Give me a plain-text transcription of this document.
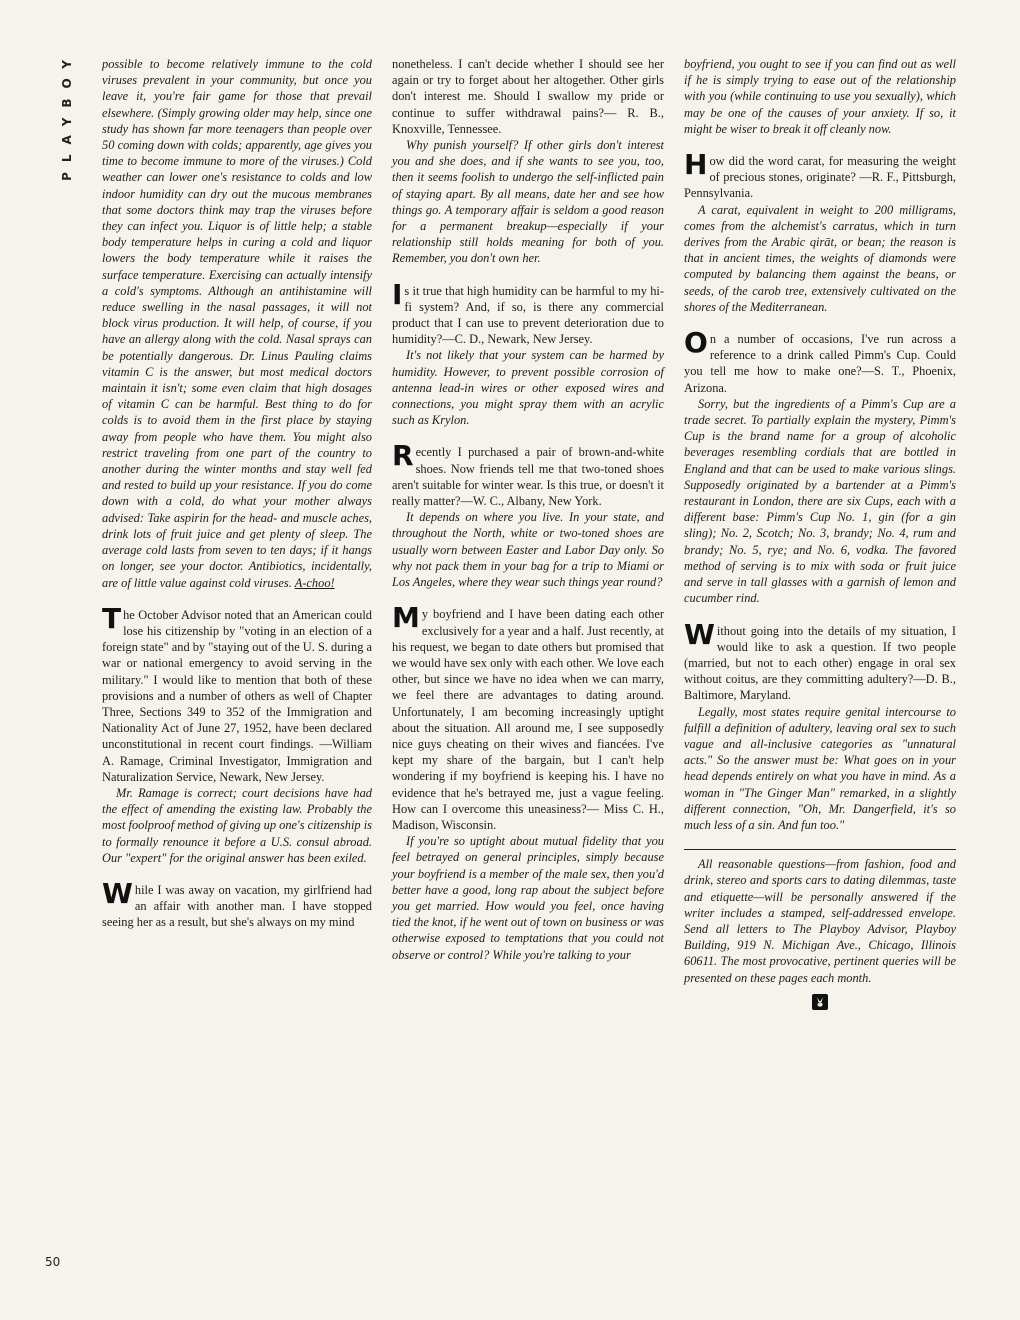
PLAYBOY
50

possible to become relatively immune to the cold viruses prevalent in your community, but once you leave it, you're fair game for those that prevail elsewhere. (Simply growing older may help, since one study has shown far more teenagers than people over 50 coming down with colds; apparently, age gives you time to become immune to more of the viruses.) Cold weather can lower one's resistance to colds and low indoor humidity can dry out the mucous membranes that some doctors think may trap the viruses before they can infect you. Liquor is of little help; a stable body temperature helps in curing a cold and liquor lowers the body temperature while it raises the surface temperature. Exercising can actually intensify a cold's symptoms. Although an antihistamine will reduce swelling in the nasal passages, it will not block virus production. It will help, of course, if you have an allergy along with the cold. Nasal sprays can be potentially dangerous. Dr. Linus Pauling claims vitamin C is the answer, but most medical doctors maintain it isn't; some even claim that high dosages of vitamin C can be harmful. Best thing to do for colds is to avoid them in the first place by staying away from people who have them. You might also restrict traveling from one part of the country to another during the winter months and stay well fed and rested to build up your resistance. If you do come down with a cold, do what your mother always advised: Take aspirin for the head- and muscle aches, drink lots of fruit juice and get plenty of sleep. The average cold lasts from seven to ten days; if it hangs on longer, see your doctor. Antibiotics, incidentally, are of little value against cold viruses. A-choo!

The October Advisor noted that an American could lose his citizenship by "voting in an election of a foreign state" and by "staying out of the U. S. during a war or national emergency to avoid serving in the military." I would like to mention that both of these provisions and a number of others as well of Chapter Three, Sections 349 to 352 of the Immigration and Nationality Act of June 27, 1952, have been declared unconstitutional in recent court findings. —William A. Ramage, Criminal Investigator, Immigration and Naturalization Service, Newark, New Jersey.

Mr. Ramage is correct; court decisions have had the effect of amending the existing law. Probably the most foolproof method of giving up one's citizenship is to formally renounce it before a U.S. consul abroad. Our "expert" for the original answer has been exiled.

While I was away on vacation, my girlfriend had an affair with another man. I have stopped seeing her as a result, but she's always on my mind

nonetheless. I can't decide whether I should see her again or try to forget about her altogether. Other girls don't interest me. Should I swallow my pride or continue to suffer withdrawal pains?— R. B., Knoxville, Tennessee.

Why punish yourself? If other girls don't interest you and she does, and if she wants to see you, too, then it seems foolish to undergo the self-inflicted pain of staying apart. By all means, date her and see how things go. A temporary affair is seldom a good reason for a permanent breakup—especially if your relationship still holds meaning for both of you. Remember, you don't own her.

Is it true that high humidity can be harmful to my hi-fi system? And, if so, is there any commercial product that I can use to prevent deterioration due to humidity?—C. D., Newark, New Jersey.

It's not likely that your system can be harmed by humidity. However, to prevent possible corrosion of antenna lead-in wires or other exposed wires and connections, you might spray them with an acrylic such as Krylon.

Recently I purchased a pair of brown-and-white shoes. Now friends tell me that two-toned shoes aren't suitable for winter wear. Is this true, or doesn't it really matter?—W. C., Albany, New York.

It depends on where you live. In your state, and throughout the North, white or two-toned shoes are usually worn between Easter and Labor Day only. So why not pack them in your bag for a trip to Miami or Los Angeles, where they wear such things year round?

My boyfriend and I have been dating each other exclusively for a year and a half. Just recently, at his request, we began to date others but promised that we would have sex only with each other. We love each other, but since we have no idea when we can marry, we feel there are advantages to dating around. Unfortunately, I am becoming increasingly uptight about the situation. All around me, I see supposedly nice guys cheating on their wives and fiancées. I've kept my share of the bargain, but I can't help wondering if my boyfriend is keeping his. I have no evidence that he's betrayed me, just a vague feeling. How can I overcome this uneasiness?— Miss C. H., Madison, Wisconsin.

If you're so uptight about mutual fidelity that you feel betrayed on general principles, simply because your boyfriend is a member of the male sex, then you'd better have a good, long rap about the subject before you get married. How would you feel, once having tied the knot, if he went out of town on business or was otherwise exposed to temptations that you could not observe or control? While you're talking to your

boyfriend, you ought to see if you can find out as well if he is simply trying to ease out of the relationship with you (while continuing to use you sexually), which may be one of the causes of your anxiety. If so, it might be wiser to break it off cleanly now.

How did the word carat, for measuring the weight of precious stones, originate? —R. F., Pittsburgh, Pennsylvania.

A carat, equivalent in weight to 200 milligrams, comes from the alchemist's carratus, which in turn derives from the Arabic qirāt, or bean; the reason is that in ancient times, the weights of diamonds were computed by balancing them against the beans, or seeds, of the carob tree, extensively cultivated on the shores of the Mediterranean.

On a number of occasions, I've run across a reference to a drink called Pimm's Cup. Could you tell me how to make one?—S. T., Phoenix, Arizona.

Sorry, but the ingredients of a Pimm's Cup are a trade secret. To partially explain the mystery, Pimm's Cup is the brand name for a group of alcoholic beverages resembling cordials that are bottled in England and that can be used to make various slings. Supposedly originated by a bartender at a Pimm's restaurant in London, there are six Cups, each with a different base: Pimm's Cup No. 1, gin (for a gin sling); No. 2, Scotch; No. 3, brandy; No. 4, rum and brandy; No. 5, rye; and No. 6, vodka. The favored method of serving is to mix with soda or fruit juice and serve in tall glasses with a garnish of lemon and cucumber rind.

Without going into the details of my situation, I would like to ask a question. If two people (married, but not to each other) engage in oral sex without coitus, are they committing adultery?—D. B., Baltimore, Maryland.

Legally, most states require genital intercourse to fulfill a definition of adultery, leaving oral sex to such vague and all-inclusive categories as "unnatural acts." So the answer must be: What goes on in your head depends entirely on what you have in mind. As a woman in "The Ginger Man" remarked, in a slightly different connection, "Oh, Mr. Dangerfield, it's so much less of a sin. And fun too."

All reasonable questions—from fashion, food and drink, stereo and sports cars to dating dilemmas, taste and etiquette—will be personally answered if the writer includes a stamped, self-addressed envelope. Send all letters to The Playboy Advisor, Playboy Building, 919 N. Michigan Ave., Chicago, Illinois 60611. The most provocative, pertinent queries will be presented on these pages each month.
